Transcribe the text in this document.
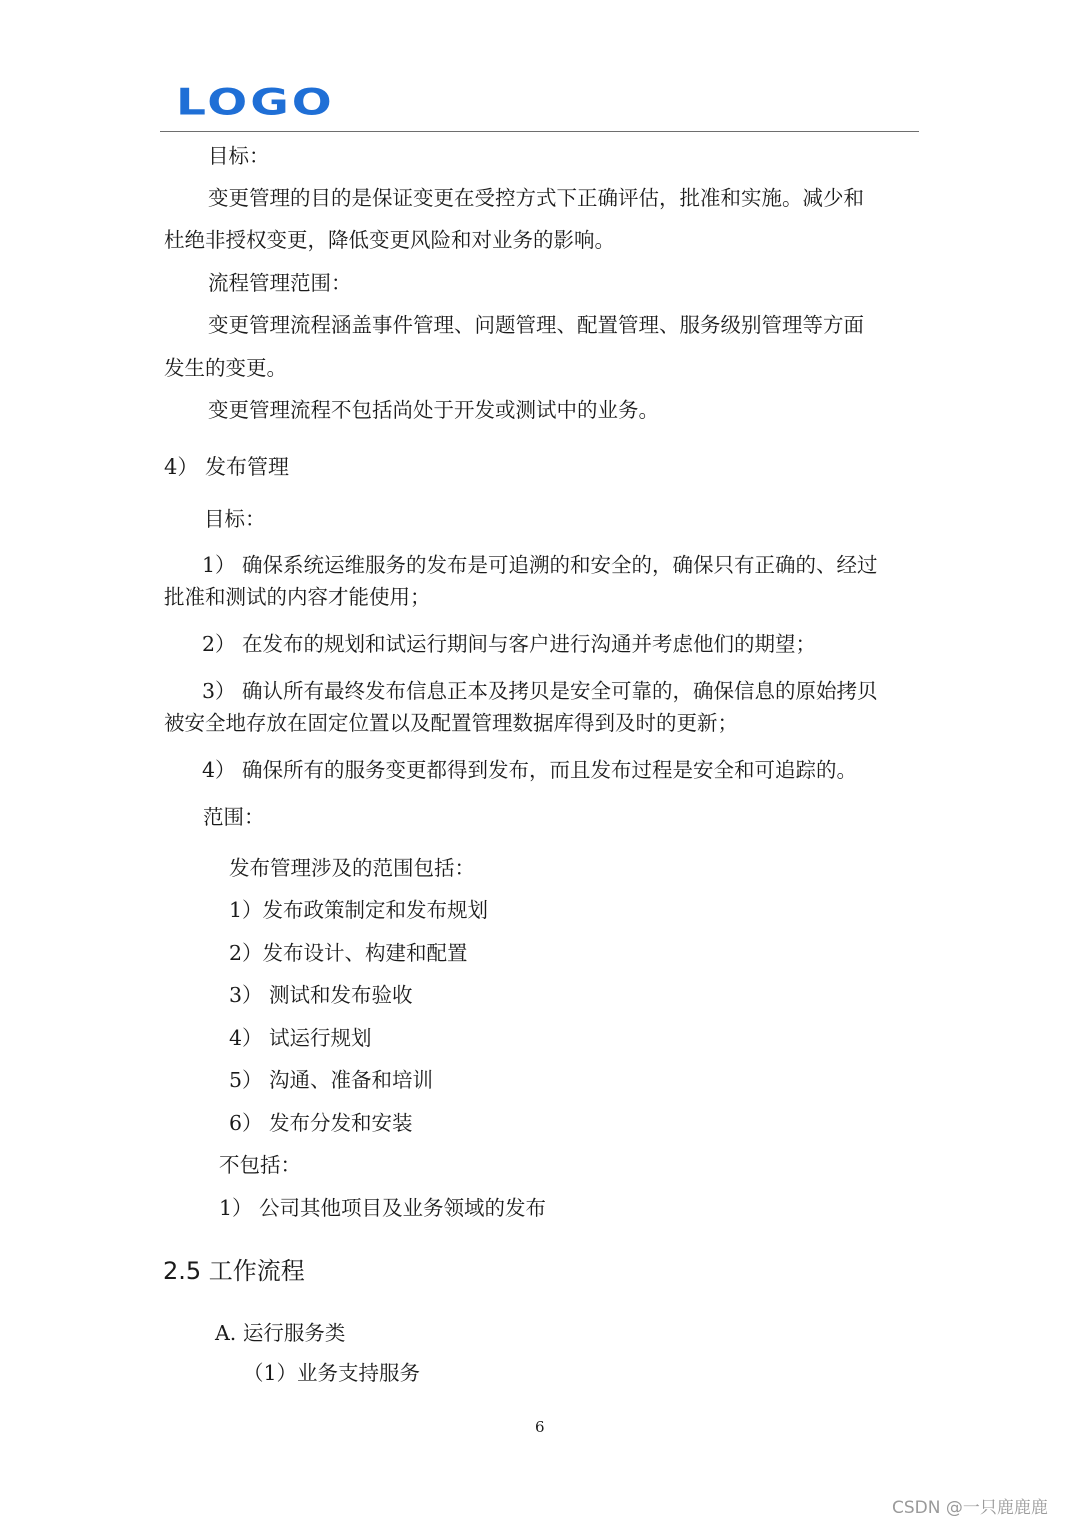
LOGO
目标：
变更管理的目的是保证变更在受控方式下正确评估，批准和实施。减少和
杜绝非授权变更，降低变更风险和对业务的影响。
流程管理范围：
变更管理流程涵盖事件管理、问题管理、配置管理、服务级别管理等方面
发生的变更。
变更管理流程不包括尚处于开发或测试中的业务。
4） 发布管理
目标：
1） 确保系统运维服务的发布是可追溯的和安全的，确保只有正确的、经过
批准和测试的内容才能使用；
2） 在发布的规划和试运行期间与客户进行沟通并考虑他们的期望；
3） 确认所有最终发布信息正本及拷贝是安全可靠的，确保信息的原始拷贝
被安全地存放在固定位置以及配置管理数据库得到及时的更新；
4） 确保所有的服务变更都得到发布，而且发布过程是安全和可追踪的。
范围：
发布管理涉及的范围包括：
1）发布政策制定和发布规划
2）发布设计、构建和配置
3） 测试和发布验收
4） 试运行规划
5） 沟通、准备和培训
6） 发布分发和安装
不包括：
1） 公司其他项目及业务领域的发布
2.5 工作流程
A. 运行服务类
（1）业务支持服务
6
CSDN @一只鹿鹿鹿
